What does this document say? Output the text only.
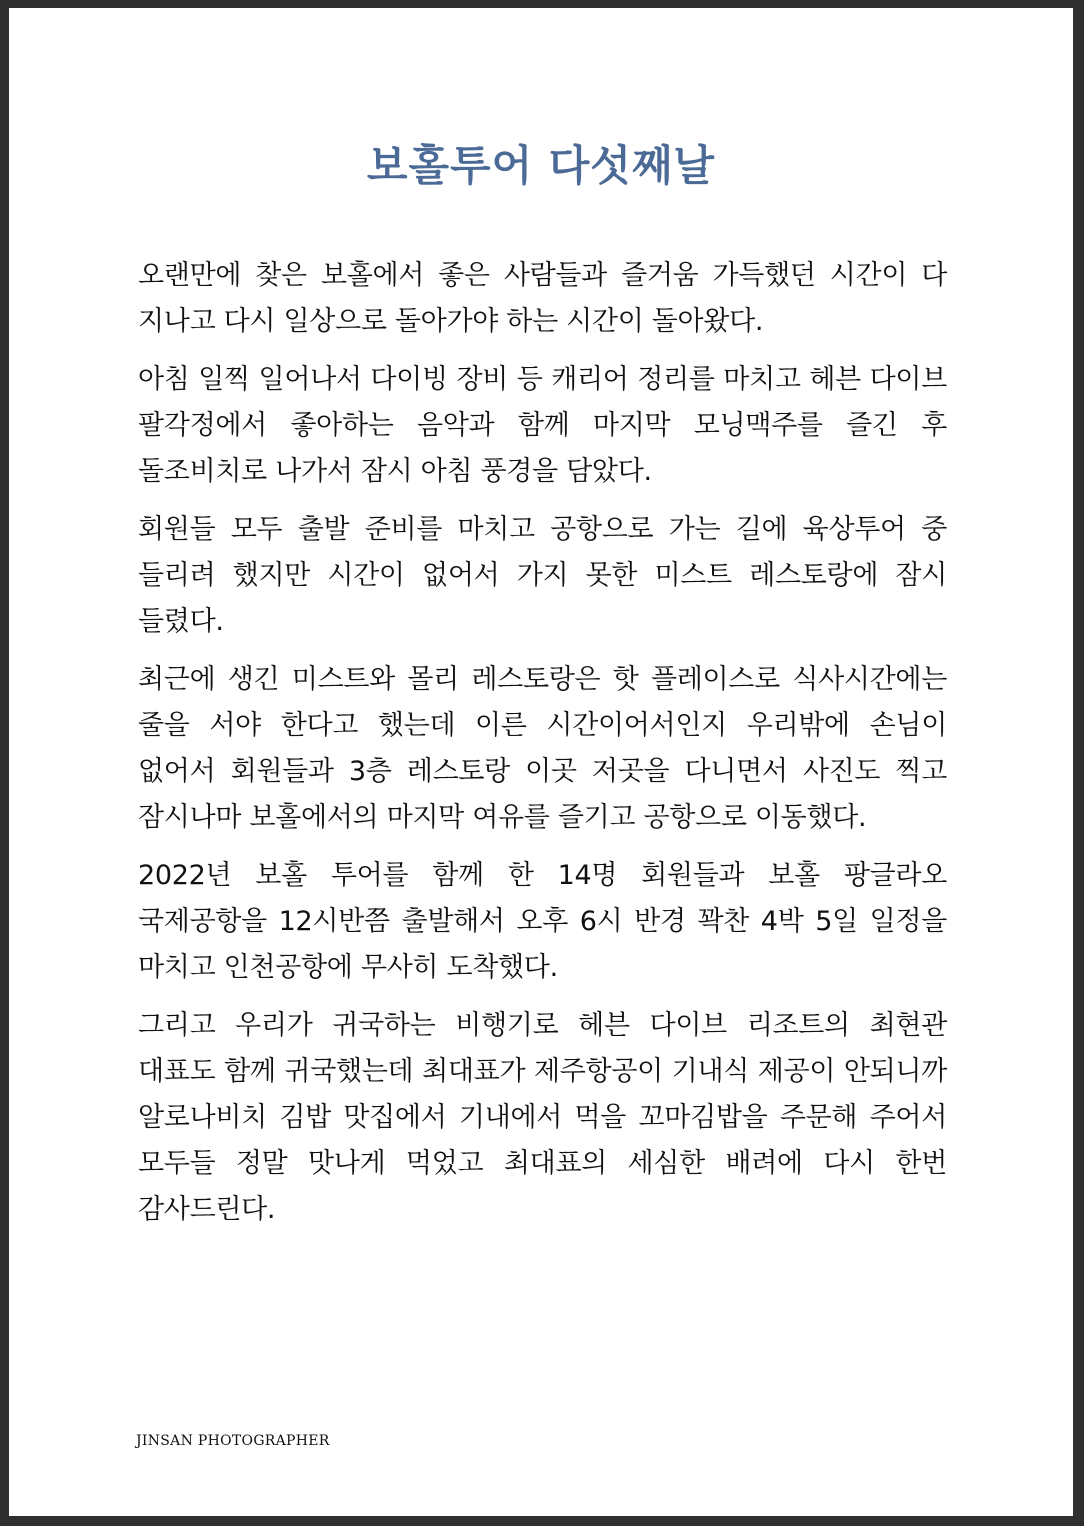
보홀투어 다섯째날

오랜만에 찾은 보홀에서 좋은 사람들과 즐거움 가득했던 시간이 다 지나고 다시 일상으로 돌아가야 하는 시간이 돌아왔다.

아침 일찍 일어나서 다이빙 장비 등 캐리어 정리를 마치고 헤븐 다이브 팔각정에서 좋아하는 음악과 함께 마지막 모닝맥주를 즐긴 후 돌조비치로 나가서 잠시 아침 풍경을 담았다.

회원들 모두 출발 준비를 마치고 공항으로 가는 길에 육상투어 중 들리려 했지만 시간이 없어서 가지 못한 미스트 레스토랑에 잠시 들렸다.

최근에 생긴 미스트와 몰리 레스토랑은 핫 플레이스로 식사시간에는 줄을 서야 한다고 했는데 이른 시간이어서인지 우리밖에 손님이 없어서 회원들과 3층 레스토랑 이곳 저곳을 다니면서 사진도 찍고 잠시나마 보홀에서의 마지막 여유를 즐기고 공항으로 이동했다.

2022년 보홀 투어를 함께 한 14명 회원들과 보홀 팡글라오 국제공항을 12시반쯤 출발해서 오후 6시 반경 꽉찬 4박 5일 일정을 마치고 인천공항에 무사히 도착했다.

그리고 우리가 귀국하는 비행기로 헤븐 다이브 리조트의 최현관 대표도 함께 귀국했는데 최대표가 제주항공이 기내식 제공이 안되니까 알로나비치 김밥 맛집에서 기내에서 먹을 꼬마김밥을 주문해 주어서 모두들 정말 맛나게 먹었고 최대표의 세심한 배려에 다시 한번 감사드린다.

JINSAN PHOTOGRAPHER
